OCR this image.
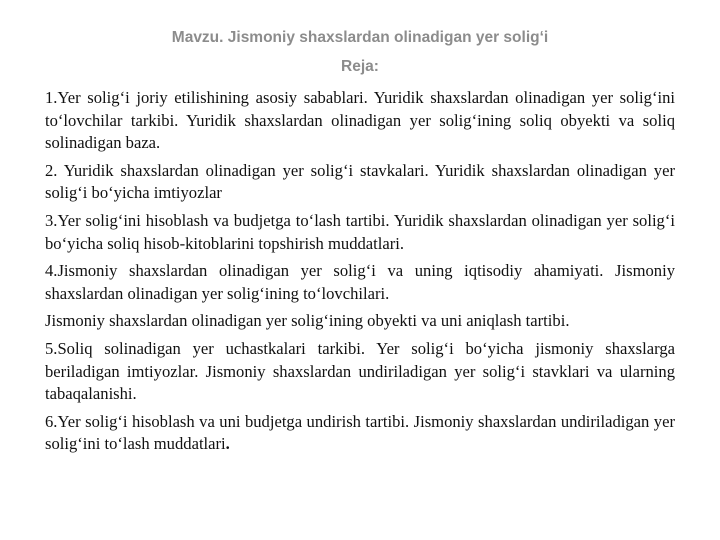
Mavzu. Jismoniy shaxslardan olinadigan yer solig‘i
Reja:

1.Yer solig‘i joriy etilishining asosiy sabablari. Yuridik shaxslardan olinadigan yer solig‘ini to‘lovchilar tarkibi. Yuridik shaxslardan olinadigan yer solig‘ining soliq obyekti va soliq solinadigan baza.

2. Yuridik shaxslardan olinadigan yer solig‘i stavkalari. Yuridik shaxslardan olinadigan yer solig‘i bo‘yicha imtiyozlar

3.Yer solig‘ini hisoblash va budjetga to‘lash tartibi. Yuridik shaxslardan olinadigan yer solig‘i bo‘yicha soliq hisob-kitoblarini topshirish muddatlari.

4.Jismoniy shaxslardan olinadigan yer solig‘i va uning iqtisodiy ahamiyati. Jismoniy shaxslardan olinadigan yer solig‘ining to‘lovchilari.

Jismoniy shaxslardan olinadigan yer solig‘ining obyekti va uni aniqlash tartibi.

5.Soliq solinadigan yer uchastkalari tarkibi. Yer solig‘i bo‘yicha jismoniy shaxslarga beriladigan imtiyozlar. Jismoniy shaxslardan undiriladigan yer solig‘i stavklari va ularning tabaqalanishi.

6.Yer solig‘i hisoblash va uni budjetga undirish tartibi. Jismoniy shaxslardan undiriladigan yer solig‘ini to‘lash muddatlari.
